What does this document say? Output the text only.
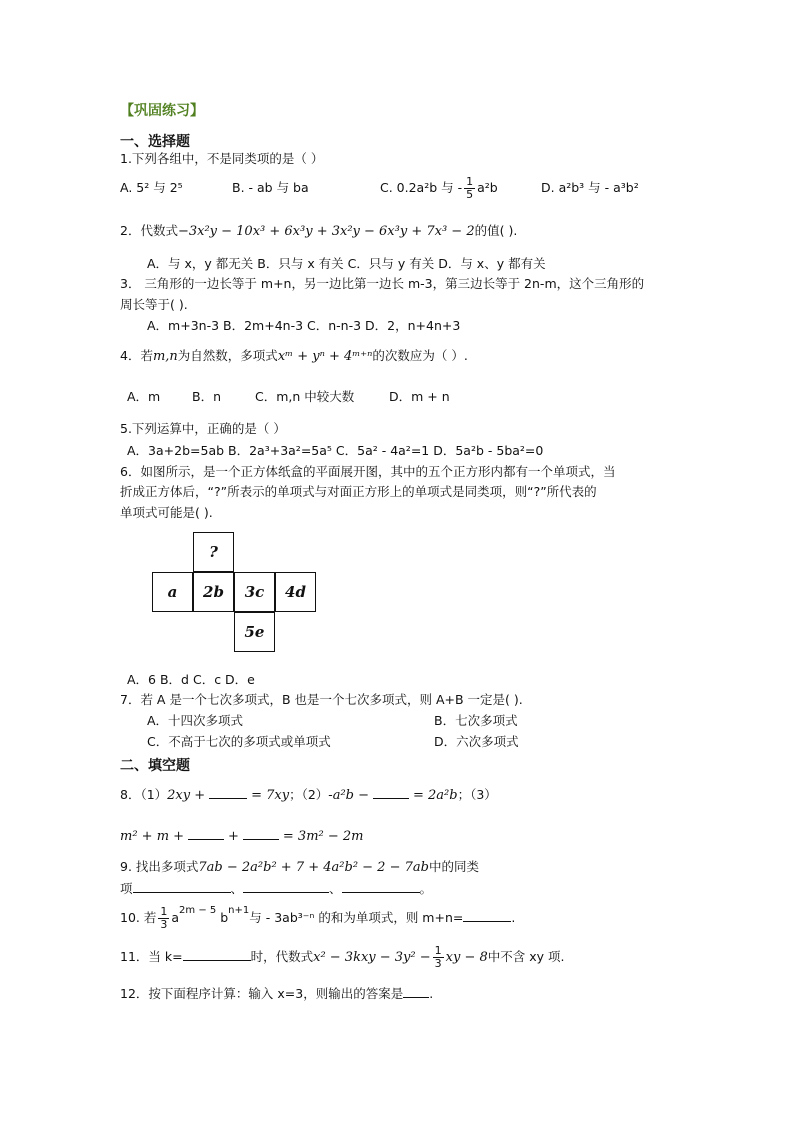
【巩固练习】
一、选择题
1.下列各组中，不是同类项的是（ ）
A. 5² 与 2⁵	B. - ab 与 ba	C. 0.2a²b 与 - $\frac{1}{5} a^2b$	D. a²b³ 与 - a³b²
2．代数式−3x²y − 10x³ + 6x³y + 3x²y − 6x³y + 7x³ − 2的值( ).
A．与 x，y 都无关 B．只与 x 有关 C．只与 y 有关 D．与 x、y 都有关
3． 三角形的一边长等于 m+n，另一边比第一边长 m-3，第三边长等于 2n-m，这个三角形的
周长等于( ).
A．m+3n-3 B．2m+4n-3 C．n-n-3 D．2，n+4n+3
4．若m,n为自然数，多项式xᵐ + yⁿ + 4ᵐ⁺ⁿ的次数应为（ ）.
A．m	B．n	C．m,n 中较大数	D．m + n
5.下列运算中，正确的是（ ）
A．3a+2b=5ab B．2a³+3a²=5a⁵ C．5a² - 4a²=1 D．5a²b - 5ba²=0
6．如图所示，是一个正方体纸盒的平面展开图，其中的五个正方形内都有一个单项式，当
折成正方体后，“?”所表示的单项式与对面正方形上的单项式是同类项，则“?”所代表的
单项式可能是( ).
?
a	2b	3c	4d
5e
A．6 B．d C．c D．e
7．若 A 是一个七次多项式，B 也是一个七次多项式，则 A+B 一定是( ).
A．十四次多项式	B．七次多项式
C．不高于七次的多项式或单项式	D．六次多项式
二、填空题
8．（1）2xy +	= 7xy；（2）-a²b −	= 2a²b；（3）
m² + m +	+	= 3m² − 2m
9. 找出多项式7ab − 2a²b² + 7 + 4a²b² − 2 − 7ab中的同类
项	、	、	。
10. 若 $\frac{1}{3} a^{2m - 5}$ $b^{n+1}$与 - 3ab³⁻ⁿ 的和为单项式，则 m+n=	.
11．当 k=	时，代数式$x^2 - 3kxy - 3y^2 - \frac{1}{3}$ xy − 8中不含 xy 项.
12．按下面程序计算：输入 x=3，则输出的答案是 .
